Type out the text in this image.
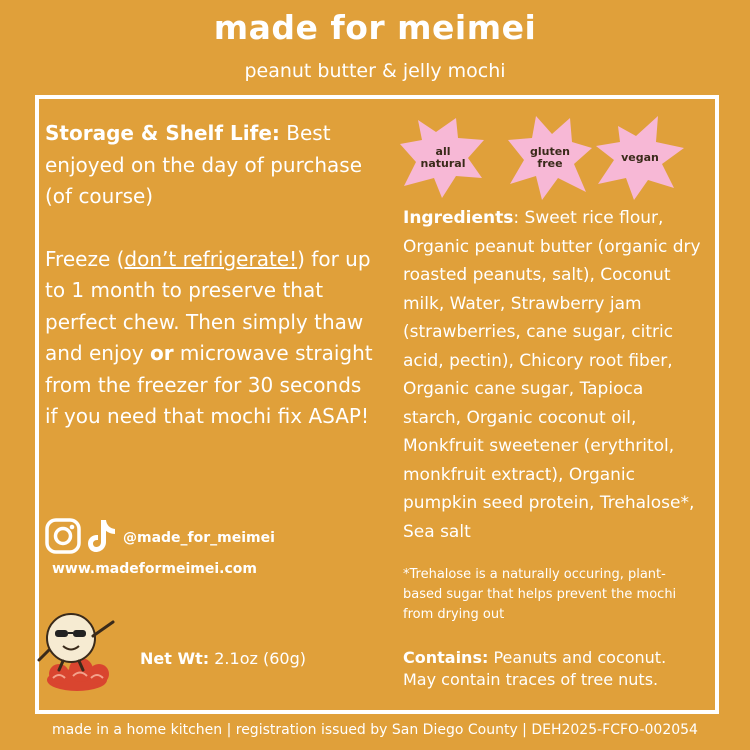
made for meimei
peanut butter & jelly mochi

Storage & Shelf Life: Best enjoyed on the day of purchase (of course)

Freeze (don’t refrigerate!) for up to 1 month to preserve that perfect chew. Then simply thaw and enjoy or microwave straight from the freezer for 30 seconds if you need that mochi fix ASAP!

all
natural
gluten
free	vegan
Ingredients: Sweet rice flour, Organic peanut butter (organic dry roasted peanuts, salt), Coconut milk, Water, Strawberry jam (strawberries, cane sugar, citric acid, pectin), Chicory root fiber, Organic cane sugar, Tapioca starch, Organic coconut oil, Monkfruit sweetener (erythritol, monkfruit extract), Organic pumpkin seed protein, Trehalose*, Sea salt
*Trehalose is a naturally occuring, plant-based sugar that helps prevent the mochi from drying out
Contains: Peanuts and coconut. May contain traces of tree nuts.
@made_for_meimei
www.madeformeimei.com
Net Wt: 2.1oz (60g)
made in a home kitchen | registration issued by San Diego County | DEH2025-FCFO-002054
